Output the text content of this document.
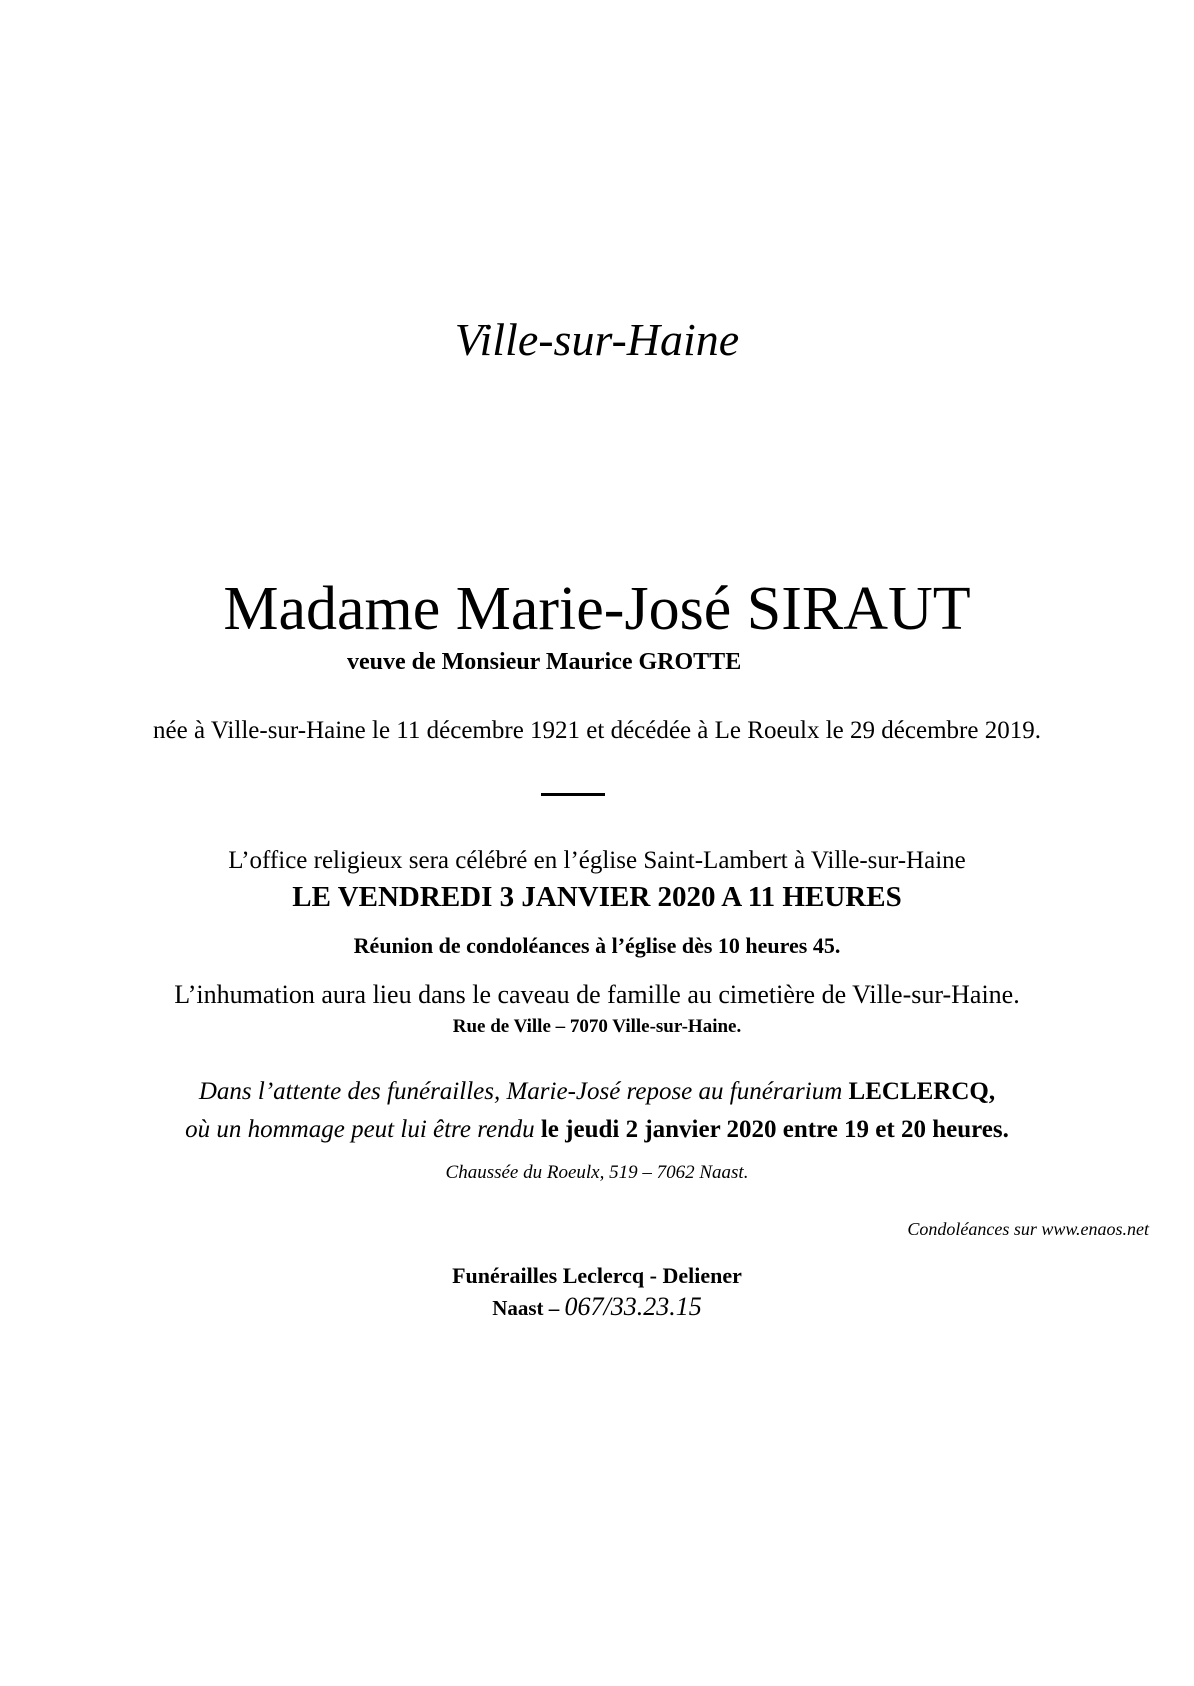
Ville-sur-Haine
Madame Marie-José SIRAUT
veuve de Monsieur Maurice GROTTE
née à Ville-sur-Haine le 11 décembre 1921 et décédée à Le Roeulx le 29 décembre 2019.
L’office religieux sera célébré en l’église Saint-Lambert à Ville-sur-Haine
LE VENDREDI 3 JANVIER 2020 A 11 HEURES
Réunion de condoléances à l’église dès 10 heures 45.
L’inhumation aura lieu dans le caveau de famille au cimetière de Ville-sur-Haine.
Rue de Ville – 7070 Ville-sur-Haine.
Dans l’attente des funérailles, Marie-José repose au funérarium LECLERCQ,
où un hommage peut lui être rendu le jeudi 2 janvier 2020 entre 19 et 20 heures.
Chaussée du Roeulx, 519 – 7062 Naast.
Condoléances sur www.enaos.net
Funérailles Leclercq - Deliener
Naast – 067/33.23.15
